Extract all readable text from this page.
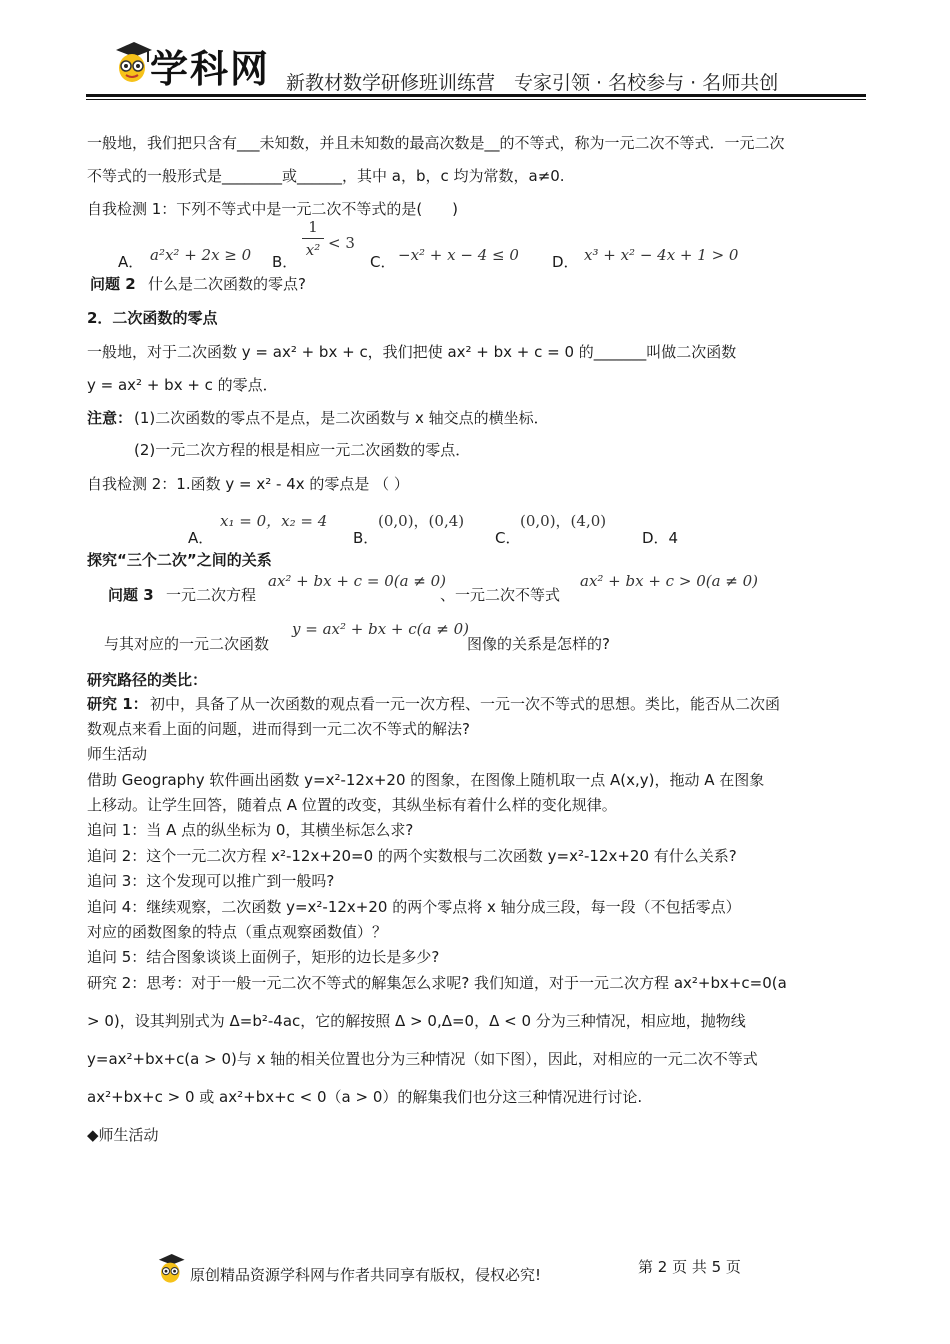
学科网 新教材数学研修班训练营　专家引领 · 名校参与 · 名师共创
一般地，我们把只含有___未知数，并且未知数的最高次数是__的不等式，称为一元二次不等式．一元二次
不等式的一般形式是________或______，其中 a，b，c 均为常数，a≠0.
自我检测 1：下列不等式中是一元二次不等式的是(　　)
A． a²x² + 2x ≥ 0 B．
1
x² < 3
C． −x² + x − 4 ≤ 0 D． x³ + x² − 4x + 1 > 0
问题 2 什么是二次函数的零点?
2．二次函数的零点
一般地，对于二次函数 y = ax² + bx + c，我们把使 ax² + bx + c = 0 的_______叫做二次函数
y = ax² + bx + c 的零点．
注意： (1)二次函数的零点不是点，是二次函数与 x 轴交点的横坐标．
(2)一元二次方程的根是相应一元二次函数的零点．
自我检测 2：1.函数 y = x² - 4x 的零点是 （ ）
x₁ = 0，x₂ = 4
A．
(0,0)，(0,4)
B．
(0,0)，(4,0)
C．	D．4
探究“三个二次”之间的关系
问题 3 一元二次方程
ax² + bx + c = 0(a ≠ 0)
、一元二次不等式
ax² + bx + c > 0(a ≠ 0)
与其对应的一元二次函数
y = ax² + bx + c(a ≠ 0)
图像的关系是怎样的?
研究路径的类比：
研究 1： 初中，具备了从一次函数的观点看一元一次方程、一元一次不等式的思想。类比，能否从二次函
数观点来看上面的问题，进而得到一元二次不等式的解法?
师生活动
借助 Geography 软件画出函数 y=x²-12x+20 的图象，在图像上随机取一点 A(x,y)，拖动 A 在图象
上移动。让学生回答，随着点 A 位置的改变，其纵坐标有着什么样的变化规律。
追问 1：当 A 点的纵坐标为 0，其横坐标怎么求?
追问 2：这个一元二次方程 x²-12x+20=0 的两个实数根与二次函数 y=x²-12x+20 有什么关系?
追问 3：这个发现可以推广到一般吗?
追问 4：继续观察，二次函数 y=x²-12x+20 的两个零点将 x 轴分成三段，每一段（不包括零点）
对应的函数图象的特点（重点观察函数值）？
追问 5：结合图象谈谈上面例子，矩形的边长是多少?
研究 2：思考：对于一般一元二次不等式的解集怎么求呢? 我们知道，对于一元二次方程 ax²+bx+c=0(a
> 0)，设其判别式为 Δ=b²-4ac，它的解按照 Δ > 0,Δ=0，Δ < 0 分为三种情况，相应地，抛物线
y=ax²+bx+c(a > 0)与 x 轴的相关位置也分为三种情况（如下图），因此，对相应的一元二次不等式
ax²+bx+c > 0 或 ax²+bx+c < 0（a > 0）的解集我们也分这三种情况进行讨论.
◆师生活动
原创精品资源学科网与作者共同享有版权，侵权必究!	第 2 页 共 5 页
